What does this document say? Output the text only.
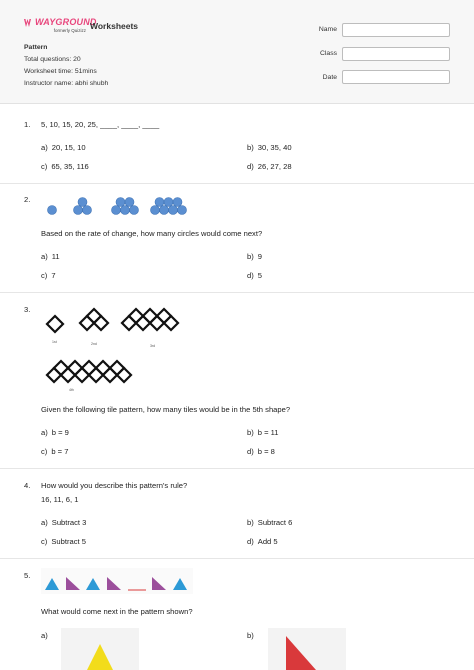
WAYGROUND
formerly Quizizz Worksheets
Pattern
Total questions: 20
Worksheet time: 51mins
Instructor name: abhi shubh
Name
Class
Date
1. 5, 10, 15, 20, 25, ____, ____, ____
a) 20, 15, 10	b) 30, 35, 40
c) 65, 35, 116	d) 26, 27, 28
2.
Based on the rate of change, how many circles would come next?
a) 11	b) 9
c) 7	d) 5
3.
1st	2nd	3rd
4th
Given the following tile pattern, how many tiles would be in the 5th shape?
a) b = 9	b) b = 11
c) b = 7	d) b = 8
4. How would you describe this pattern's rule?
16, 11, 6, 1
a) Subtract 3	b) Subtract 6
c) Subtract 5	d) Add 5
5.
What would come next in the pattern shown?
a)	b)
